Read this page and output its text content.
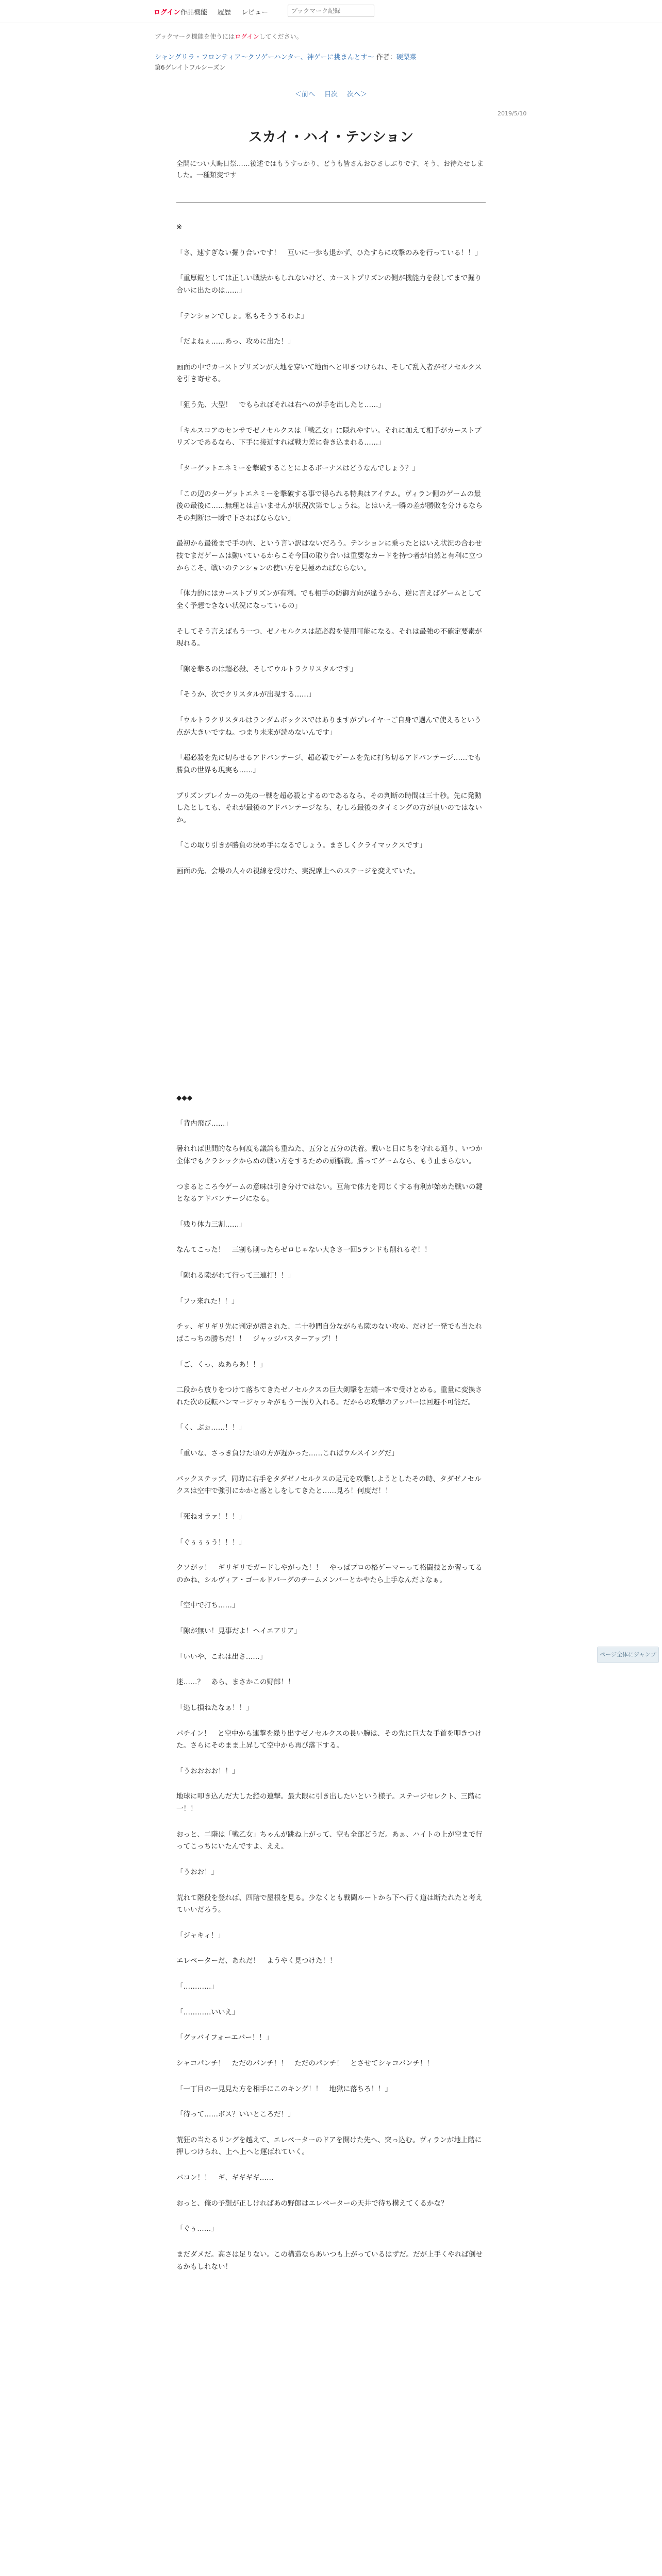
ログイン 作品機能 履歴 レビュー
ブックマーク記録
ブックマーク機能を使うにはログインしてください。
シャングリラ・フロンティア〜クソゲーハンター、神ゲーに挑まんとす〜 作者：硬梨菜
第6グレイトフルシーズン
＜前へ 目次 次へ＞
2019/5/10
スカイ・ハイ・テンション
全開につい大晦日祭……後述ではもうすっかり、どうも皆さんおひさしぶりです、そう、お待たせしました。一種類変です

※

「さ、速すぎない掘り合いです！　互いに一歩も退かず、ひたすらに攻撃のみを行っている！！」

「重厚鎧としては正しい戦法かもしれないけど、カーストプリズンの側が機能力を殺してまで掘り合いに出たのは……」

「テンションでしょ。私もそうするわよ」

「だよねぇ……あっ、攻めに出た！」

画面の中でカーストプリズンが天地を穿いて地面へと叩きつけられ、そして乱入者がゼノセルクスを引き寄せる。

「狙う先、大型！　でもらればそれは右へのが手を出したと……」

「キルスコアのセンサでゼノセルクスは「戦乙女」に隠れやすい。それに加えて相手がカーストプリズンであるなら、下手に接近すれば戦力差に巻き込まれる……」

「ターゲットエネミーを撃破することによるボーナスはどうなんでしょう？」

「この辺のターゲットエネミーを撃破する事で得られる特典はアイテム。ヴィラン側のゲームの最後の最後に……無理とは言いませんが状況次第でしょうね。とはいえ一瞬の差が勝敗を分けるならその判断は一瞬で下さねばならない」

最初から最後まで手の内、という言い訳はないだろう。テンションに乗ったとはいえ状況の合わせ技でまだゲームは動いているからこそ今回の取り合いは重要なカードを持つ者が自然と有利に立つからこそ、戦いのテンションの使い方を見極めねばならない。

「体力的にはカーストプリズンが有利。でも相手の防御方向が違うから、逆に言えばゲームとして全く予想できない状況になっているの」

そしてそう言えばもう一つ、ゼノセルクスは超必殺を使用可能になる。それは最強の不確定要素が現れる。

「隙を撃るのは超必殺、そしてウルトラクリスタルです」

「そうか、次でクリスタルが出現する……」

「ウルトラクリスタルはランダムボックスではありますがプレイヤーご自身で選んで使えるという点が大きいですね。つまり未来が読めないんです」

「超必殺を先に切らせるアドバンテージ、超必殺でゲームを先に打ち切るアドバンテージ……でも勝負の世界も現実も……」

プリズンブレイカーの先の一戦を超必殺とするのであるなら、その判断の時間は三十秒。先に発動したとしても、それが最後のアドバンテージなら、むしろ最後のタイミングの方が良いのではないか。

「この取り引きが勝負の決め手になるでしょう。まさしくクライマックスです」

画面の先、会場の人々の視線を受けた、実況席上へのステージを変えていた。

◆◆◆

「背内飛び……」

暑れれば世間的なら何度も議論も重ねた、五分と五分の決着。戦いと日にちを守れる通り、いつか全体でもクラシックからぬの戦い方をするための頭脳戦。勝ってゲームなら、もう止まらない。

つまるところ今ゲームの意味は引き分けではない。互角で体力を同じくする有利が始めた戦いの鍵となるアドバンテージになる。

「残り体力三割……」

なんてこった！　三割も削ったらゼロじゃない大きさ一回5ランドも削れるぞ！！

「隙れる隙がれて行って三連打！！」

「フッ来れた！！」

チッ、ギリギリ先に判定が潰された、二十秒間自分ながらも隙のない攻め。だけど一発でも当たればこっちの勝ちだ！！　ジャッジバスターアップ！！

「ご、くっ、ぬあらあ！！」

二段から放りをつけて落ちてきたゼノセルクスの巨大剣撃を左端一本で受けとめる。重量に変換された次の反転ハンマージャッキがもう一振り入れる。だからの攻撃のアッパーは回避不可能だ。

「く、ぶぉ……！！」

「重いな、さっき負けた頃の方が遅かった……こればウルスイングだ」

バックステップ、同時に右手をタダゼノセルクスの足元を攻撃しようとしたその時、タダゼノセルクスは空中で強引にかかと落としをしてきたと……見ろ！何度だ！！

「死ねオラァ！！！」

「ぐぅぅぅう！！！」

クソがッ！　ギリギリでガードしやがった！！　やっぱプロの格ゲーマーって格闘技とか習ってるのかね、シルヴィア・ゴールドバーグのチームメンバーとかやたら上手なんだよなぁ。

「空中で打ち……」

「隙が無い！見事だよ！ヘイエアリア」

「いいや、これは出さ……」

迷……？　あら、まさかこの野郎！！

「逃し損ねたなぁ！！」

パチイン！　と空中から連撃を繰り出すゼノセルクスの長い腕は、その先に巨大な手首を叩きつけた。さらにそのまま上昇して空中から再び落下する。

「うおおおお！！」

地球に叩き込んだ大した縦の連撃。最大限に引き出したいという様子。ステージセレクト、三階に一！！

おっと、二階は「戦乙女」ちゃんが跳ね上がって、空も全部どうだ。あぁ、ハイトの上が空まで行ってこっちにいたんですよ、ええ。

「うおお！」

荒れて階段を登れば、四階で屋根を見る。少なくとも戦闘ルートから下へ行く道は断たれたと考えていいだろう。

「ジャキィ！」

エレベーターだ、あれだ！　ようやく見つけた！！

「…………」

「…………いいえ」

「グッバイフォーエバー！！」

シャコパンチ！　ただのパンチ！！　ただのパンチ！　とさせてシャコパンチ！！

「一丁目の一見見た方を相手にこのキング！！　地獄に落ちろ！！」

「待って……ボス？いいところだ！」

荒狂の当たるリングを越えて、エレベーターのドアを開けた先へ、突っ込む。ヴィランが地上階に押しつけられ、上へ上へと運ばれていく。

パコン！！　ギ、ギギギギ……

おっと、俺の予想が正しければあの野郎はエレベーターの天井で待ち構えてくるかな？

「ぐぅ……」

まだダメだ。高さは足りない。この構造ならあいつも上がっているはずだ。だが上手くやれば倒せるかもしれない！

ページ全体にジャンプ
